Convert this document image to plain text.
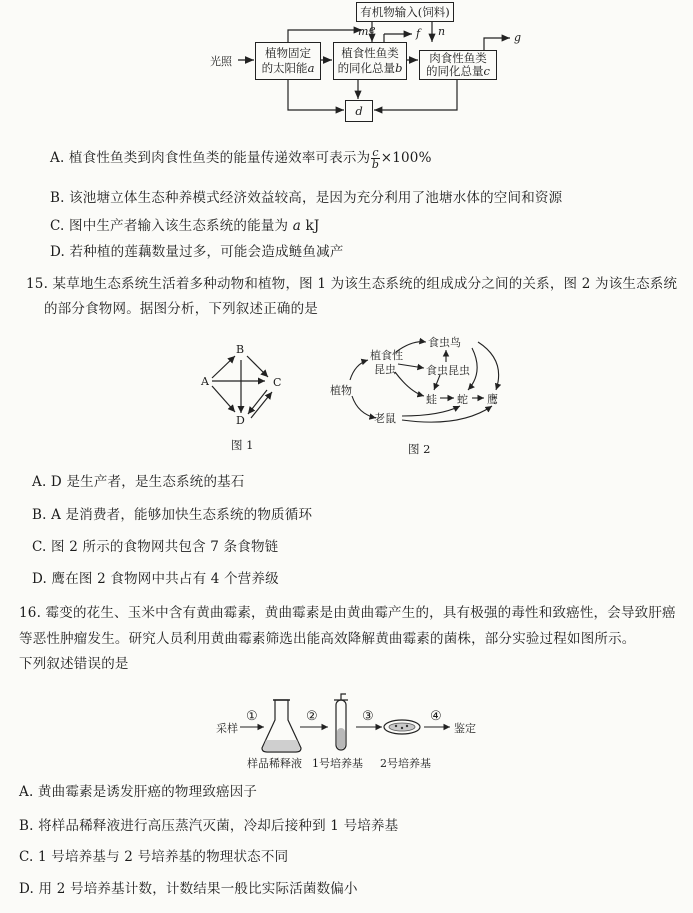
有机物输入(饲料)
光照
植物固定
的太阳能a
植食性鱼类
的同化总量b
肉食性鱼类
的同化总量c
d
e
m	f n	g
A. 植食性鱼类到肉食性鱼类的能量传递效率可表示为 $\frac{c}{b} \times 100\%$
B. 该池塘立体生态种养模式经济效益较高，是因为充分利用了池塘水体的空间和资源
C. 图中生产者输入该生态系统的能量为 a kJ
D. 若种植的莲藕数量过多，可能会造成鲢鱼减产
15. 某草地生态系统生活着多种动物和植物，图 1 为该生态系统的组成成分之间的关系，图 2 为该生态系统
的部分食物网。据图分析，下列叙述正确的是
A
B
C
D
图 1
植物
植食性
昆虫
食虫鸟
食虫昆虫
蛙 蛇 鹰
老鼠
图 2
A. D 是生产者，是生态系统的基石
B. A 是消费者，能够加快生态系统的物质循环
C. 图 2 所示的食物网共包含 7 条食物链
D. 鹰在图 2 食物网中共占有 4 个营养级
16. 霉变的花生、玉米中含有黄曲霉素，黄曲霉素是由黄曲霉产生的，具有极强的毒性和致癌性，会导致肝癌
等恶性肿瘤发生。研究人员利用黄曲霉素筛选出能高效降解黄曲霉素的菌株，部分实验过程如图所示。
下列叙述错误的是
采样
①	②	③	④
鉴定
样品稀释液 1号培养基 2号培养基
A. 黄曲霉素是诱发肝癌的物理致癌因子
B. 将样品稀释液进行高压蒸汽灭菌，冷却后接种到 1 号培养基
C. 1 号培养基与 2 号培养基的物理状态不同
D. 用 2 号培养基计数，计数结果一般比实际活菌数偏小
